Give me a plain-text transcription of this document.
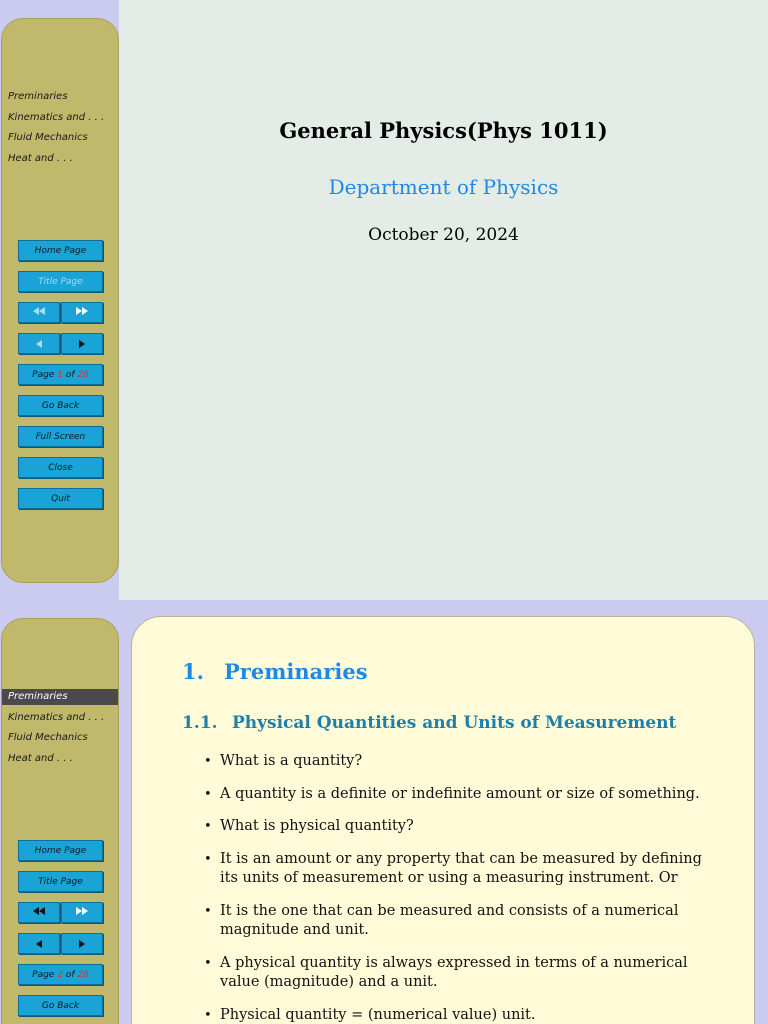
Preminaries
Kinematics and . . .
Fluid Mechanics
Heat and . . .
Home Page
Title Page
Page
1
of
28
Go Back
Full Screen
Close
Quit
General Physics(Phys 1011)
Department of Physics
October 20, 2024
Preminaries
Kinematics and . . .
Fluid Mechanics
Heat and . . .
Home Page
Title Page
Page
2
of
28
Go Back
1. Preminaries
1.1. Physical Quantities and Units of Measurement
• What is a quantity?
• A quantity is a definite or indefinite amount or size of something.
• What is physical quantity?
• It is an amount or any property that can be measured by defining its units of measurement or using a measuring instrument. Or
• It is the one that can be measured and consists of a numerical magnitude and unit.
• A physical quantity is always expressed in terms of a numerical value (magnitude) and a unit.
• Physical quantity = (numerical value) unit.
